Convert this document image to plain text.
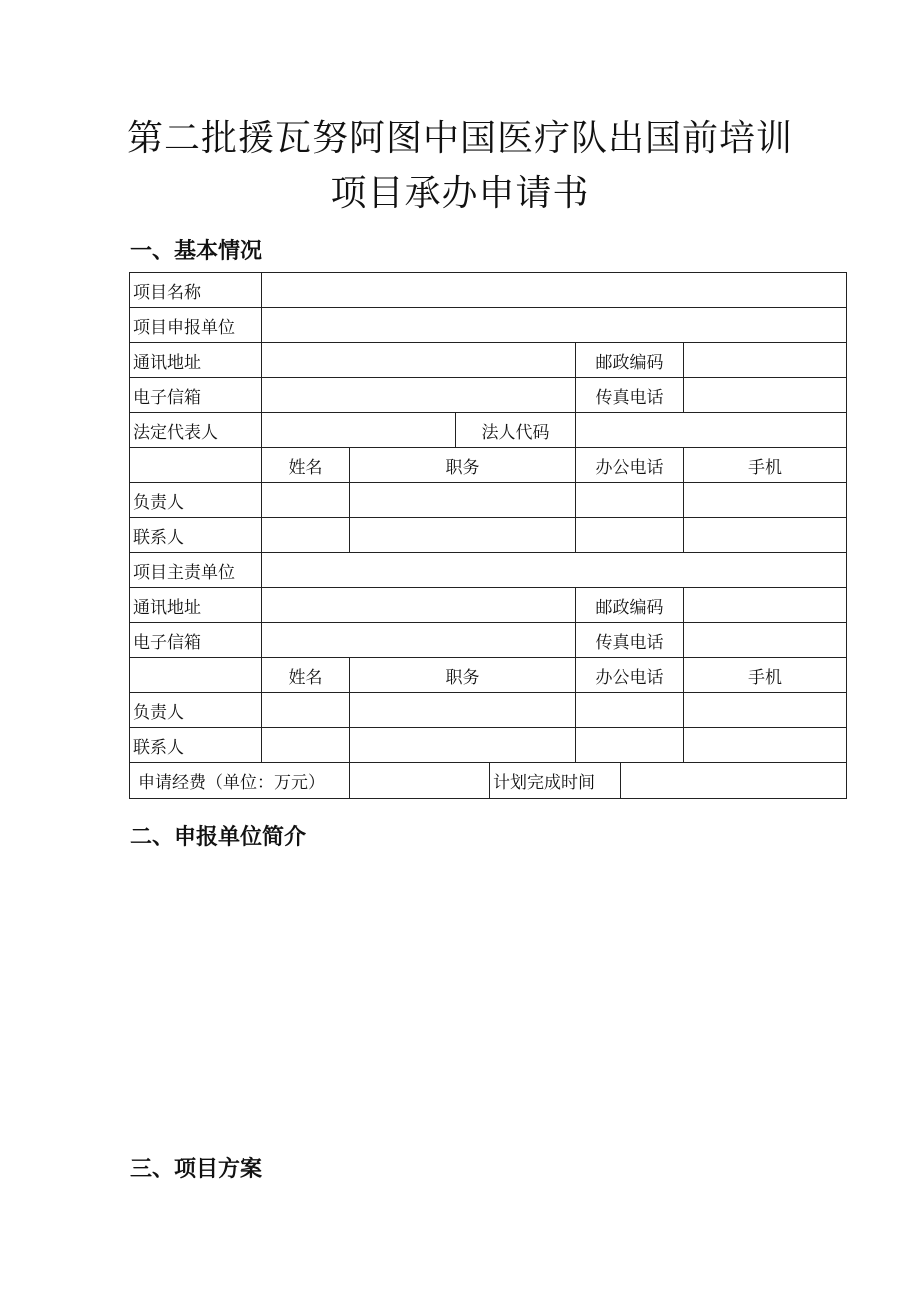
第二批援瓦努阿图中国医疗队出国前培训
项目承办申请书
一、基本情况
项目名称					
项目申报单位					
通讯地址				邮政编码	
电子信箱				传真电话	
法定代表人			法人代码		
	姓名	职务		办公电话	手机
负责人					
联系人					
项目主责单位					
通讯地址				邮政编码	
电子信箱				传真电话	
	姓名	职务		办公电话	手机
负责人					
联系人					
申请经费（单位：万元）		计划完成时间			
二、申报单位简介
三、项目方案
